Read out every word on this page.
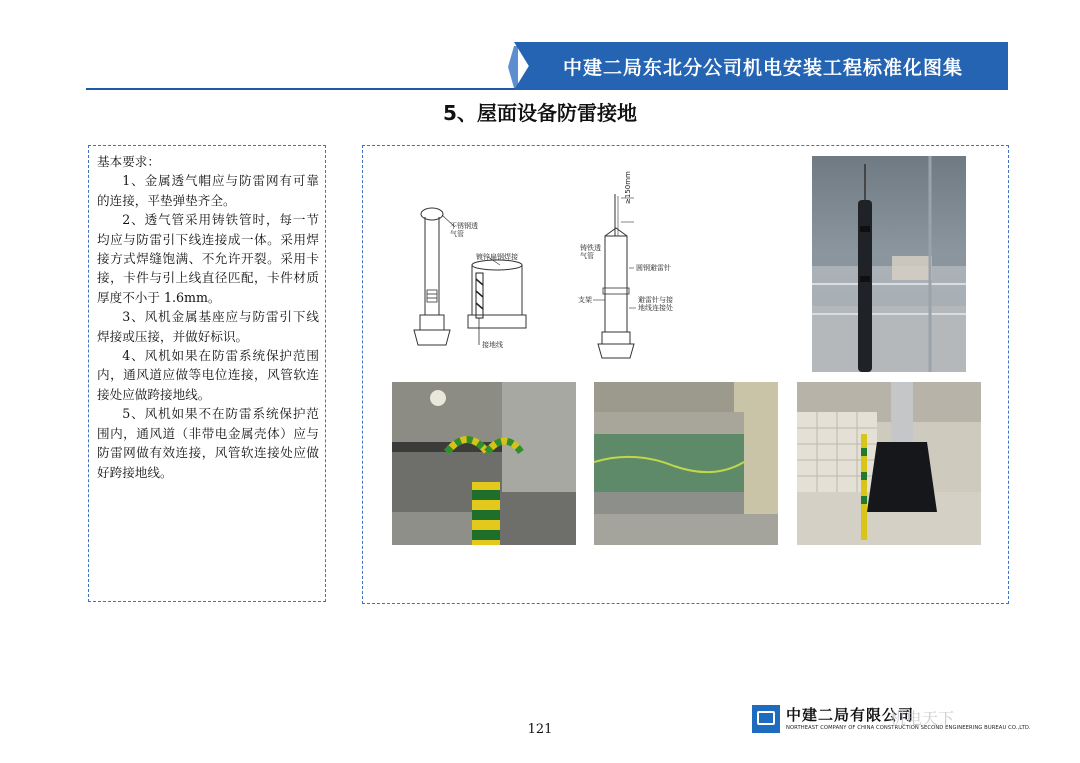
中建二局东北分公司机电安装工程标准化图集
5、屋面设备防雷接地

基本要求：

1、金属透气帽应与防雷网有可靠的连接，平垫弹垫齐全。

2、透气管采用铸铁管时，每一节均应与防雷引下线连接成一体。采用焊接方式焊缝饱满、不允许开裂。采用卡接，卡件与引上线直径匹配，卡件材质厚度不小于 1.6mm。

3、风机金属基座应与防雷引下线焊接或压接，并做好标识。

4、风机如果在防雷系统保护范围内，通风道应做等电位连接，风管软连接处应做跨接地线。

5、风机如果不在防雷系统保护范围内，通风道（非带电金属壳体）应与防雷网做有效连接，风管软连接处应做好跨接地线。

不锈钢透气管
镀锌扁钢焊接
接地线
≥150mm
铸铁透气管
圆钢避雷针
支架	避雷针与接地线连接处
121
中建二局有限公司
NORTHEAST COMPANY OF CHINA CONSTRUCTION SECOND ENGINEERING BUREAU CO.,LTD.
机电天下
